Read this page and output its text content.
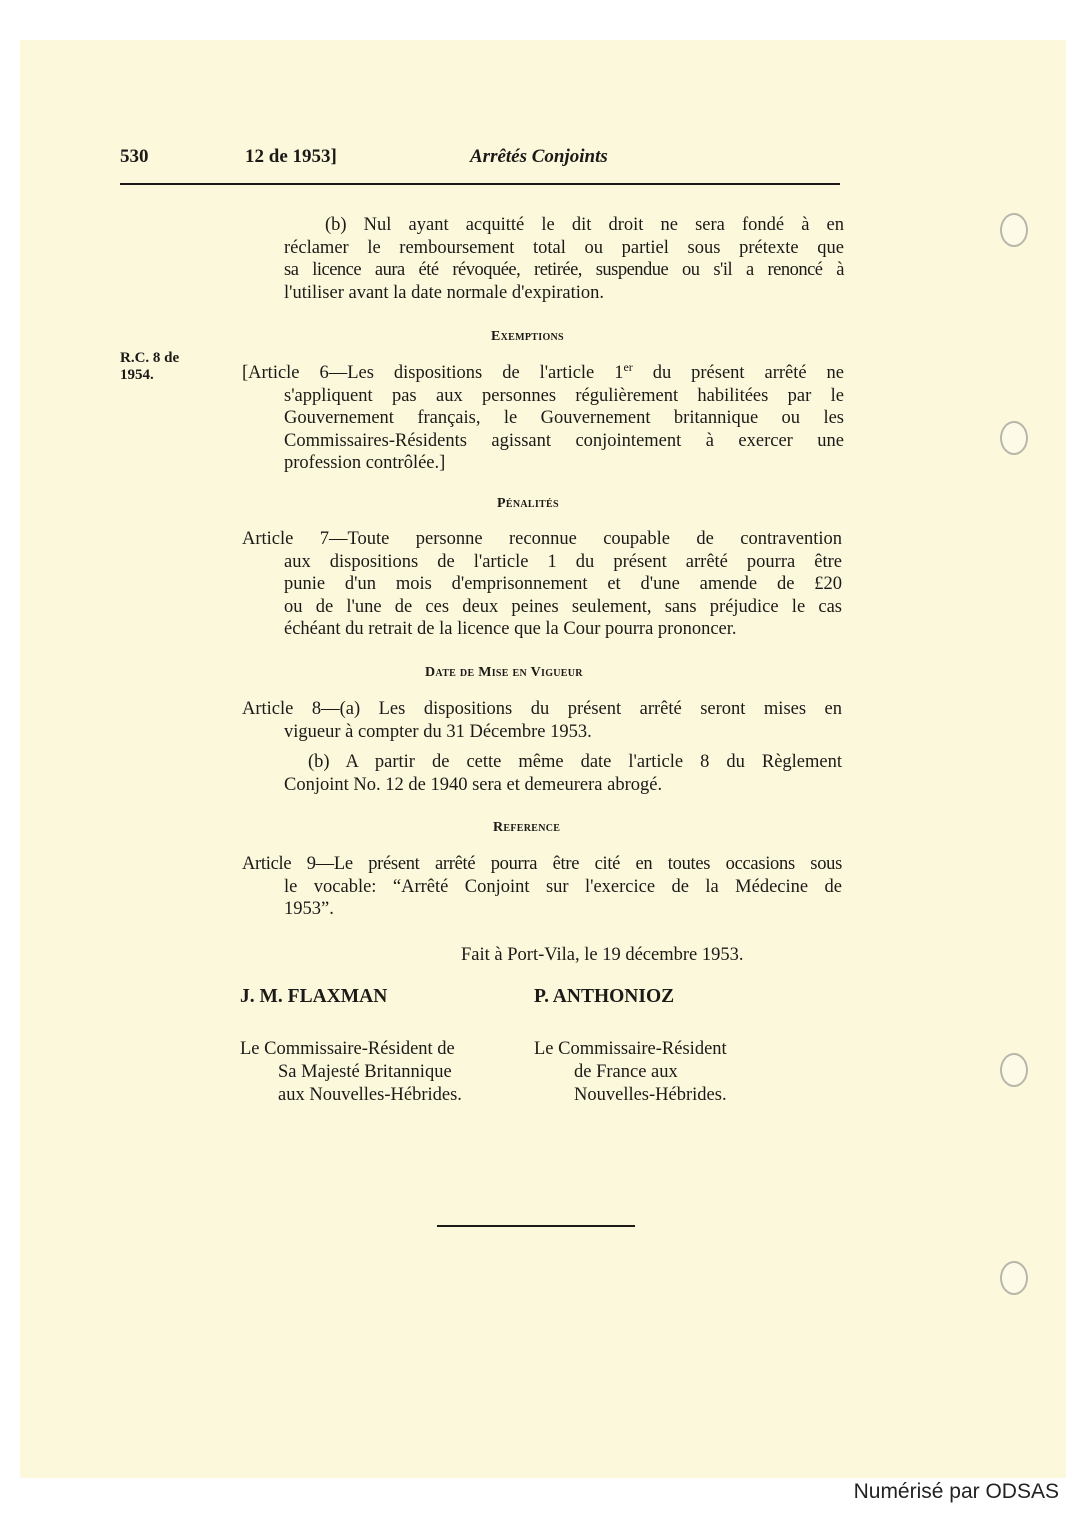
530	12 de 1953]	Arrêtés Conjoints
(b) Nul ayant acquitté le dit droit ne sera fondé à en
réclamer le remboursement total ou partiel sous prétexte que
sa licence aura été révoquée, retirée, suspendue ou s'il a renoncé à
l'utiliser avant la date normale d'expiration.
Exemptions
R.C. 8 de
1954.	[Article 6—Les dispositions de l'article 1er du présent arrêté ne
s'appliquent pas aux personnes régulièrement habilitées par le
Gouvernement français, le Gouvernement britannique ou les
Commissaires-Résidents agissant conjointement à exercer une
profession contrôlée.]
Pénalités
Article 7—Toute personne reconnue coupable de contravention
aux dispositions de l'article 1 du présent arrêté pourra être
punie d'un mois d'emprisonnement et d'une amende de £20
ou de l'une de ces deux peines seulement, sans préjudice le cas
échéant du retrait de la licence que la Cour pourra prononcer.
Date de Mise en Vigueur
Article 8—(a) Les dispositions du présent arrêté seront mises en
vigueur à compter du 31 Décembre 1953.
(b) A partir de cette même date l'article 8 du Règlement
Conjoint No. 12 de 1940 sera et demeurera abrogé.
Reference
Article 9—Le présent arrêté pourra être cité en toutes occasions sous
le vocable: “Arrêté Conjoint sur l'exercice de la Médecine de
1953”.
Fait à Port-Vila, le 19 décembre 1953.
J. M. FLAXMAN	P. ANTHONIOZ
Le Commissaire-Résident de
Sa Majesté Britannique
aux Nouvelles-Hébrides.
Le Commissaire-Résident
de France aux
Nouvelles-Hébrides.
Numérisé par ODSAS
